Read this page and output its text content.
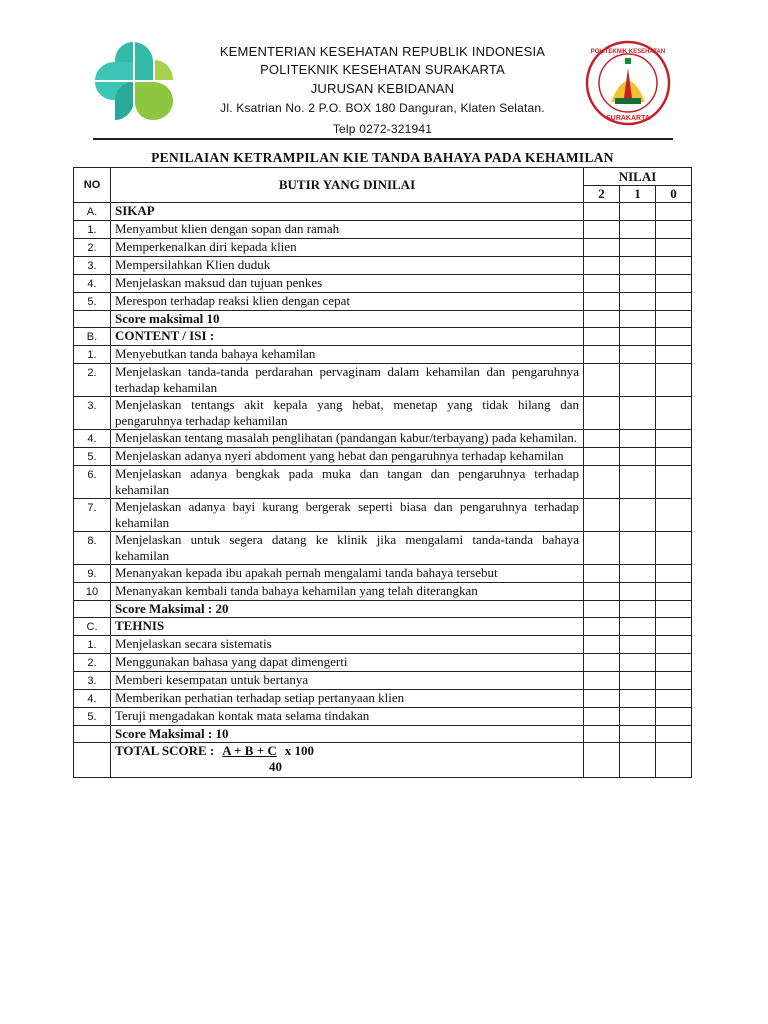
KEMENTERIAN KESEHATAN REPUBLIK INDONESIA
POLITEKNIK KESEHATAN SURAKARTA
JURUSAN KEBIDANAN
Jl. Ksatrian No. 2 P.O. BOX 180 Danguran, Klaten Selatan.
Telp 0272-321941
SURAKARTA
POLITEKNIK KESEHATAN
PENILAIAN KETRAMPILAN KIE TANDA BAHAYA PADA KEHAMILAN
NO	BUTIR YANG DINILAI	NILAI		
		2	1	0
A.	SIKAP			
1.	Menyambut klien dengan sopan dan ramah			
2.	Memperkenalkan diri kepada klien			
3.	Mempersilahkan Klien duduk			
4.	Menjelaskan maksud dan tujuan penkes			
5.	Merespon terhadap reaksi klien dengan cepat			
	Score maksimal 10			
B.	CONTENT / ISI :			
1.	Menyebutkan tanda bahaya kehamilan			
2.	Menjelaskan tanda-tanda perdarahan pervaginam dalam kehamilan dan pengaruhnya terhadap kehamilan			
3.	Menjelaskan tentangs akit kepala yang hebat, menetap yang tidak hilang dan pengaruhnya terhadap kehamilan			
4.	Menjelaskan tentang masalah penglihatan (pandangan kabur/terbayang) pada kehamilan.			
5.	Menjelaskan adanya nyeri abdoment yang hebat dan pengaruhnya terhadap kehamilan			
6.	Menjelaskan adanya bengkak pada muka dan tangan dan pengaruhnya terhadap kehamilan			
7.	Menjelaskan adanya bayi kurang bergerak seperti biasa dan pengaruhnya terhadap kehamilan			
8.	Menjelaskan untuk segera datang ke klinik jika mengalami tanda-tanda bahaya kehamilan			
9.	Menanyakan kepada ibu apakah pernah mengalami tanda bahaya tersebut			
10	Menanyakan kembali tanda bahaya kehamilan yang telah diterangkan			
	Score Maksimal : 20			
C.	TEHNIS			
1.	Menjelaskan secara sistematis			
2.	Menggunakan bahasa yang dapat dimengerti			
3.	Memberi kesempatan untuk bertanya			
4.	Memberikan perhatian terhadap setiap pertanyaan klien			
5.	Teruji mengadakan kontak mata selama tindakan			
	Score Maksimal : 10			

	TOTAL SCORE : A + B + C x 100
40			
